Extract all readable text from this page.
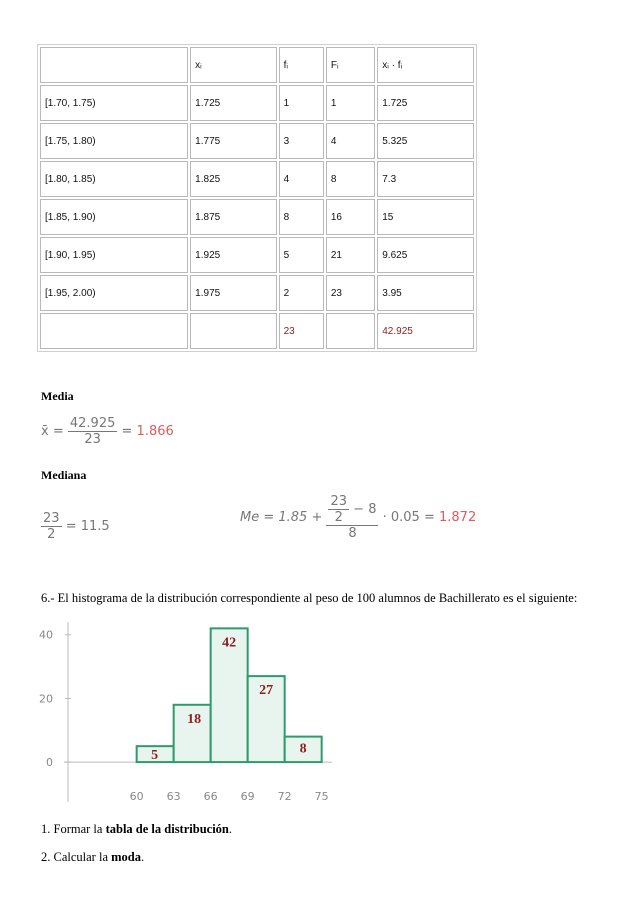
	xᵢ	fᵢ	Fᵢ	xᵢ · fᵢ
[1.70, 1.75)	1.725	1	1	1.725
[1.75, 1.80)	1.775	3	4	5.325
[1.80, 1.85)	1.825	4	8	7.3
[1.85, 1.90)	1.875	8	16	15
[1.90, 1.95)	1.925	5	21	9.625
[1.95, 2.00)	1.975	2	23	3.95
		23		42.925
Media
x̄ = $\frac{42.925}{23} = 1.866$
Mediana
$\frac{23}{2} = 11.5$
$Me = 1.85 + \frac{\frac{23}{2} - 8}{8} \cdot 0.05 = 1.872$
6.- El histograma de la distribución correspondiente al peso de 100 alumnos de Bachillerato es el siguiente:
0
20
40
5
18
42
27
8
60 63 66 69 72 75
1. Formar la tabla de la distribución.
2. Calcular la moda.
